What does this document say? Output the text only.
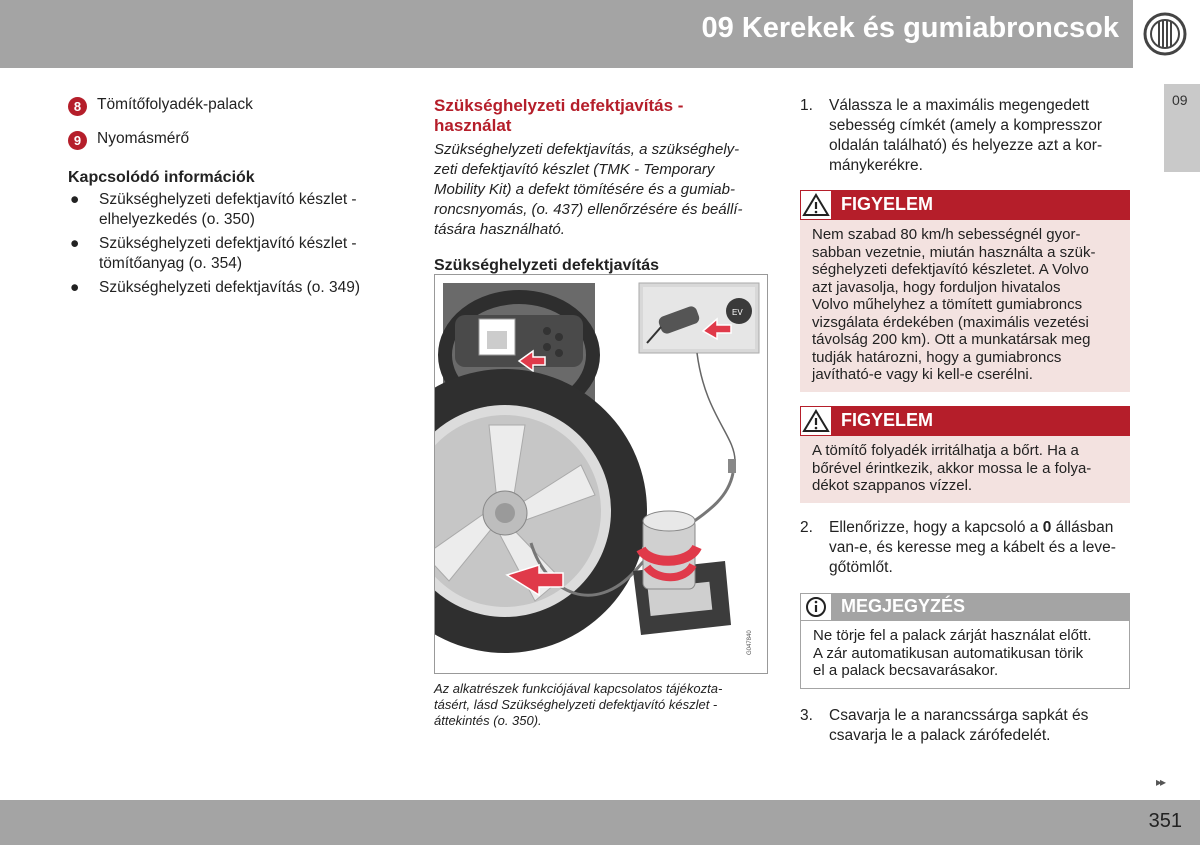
09 Kerekek és gumiabroncsok
09
8	Tömítőfolyadék-palack
9	Nyomásmérő
Kapcsolódó információk
●	Szükséghelyzeti defektjavító készlet -
elhelyezkedés (o. 350)
●	Szükséghelyzeti defektjavító készlet -
tömítőanyag (o. 354)
●	Szükséghelyzeti defektjavítás (o. 349)
Szükséghelyzeti defektjavítás -
használat
Szükséghelyzeti defektjavítás, a szükséghely-
zeti defektjavító készlet (TMK - Temporary
Mobility Kit) a defekt tömítésére és a gumiab-
roncsnyomás, (o. 437) ellenőrzésére és beállí-
tására használható.
Szükséghelyzeti defektjavítás
EV
G047840
Az alkatrészek funkciójával kapcsolatos tájékozta-
tásért, lásd Szükséghelyzeti defektjavító készlet -
áttekintés (o. 350).
1.	Válassza le a maximális megengedett
sebesség címkét (amely a kompresszor
oldalán található) és helyezze azt a kor-
mánykerékre.
FIGYELEM
Nem szabad 80 km/h sebességnél gyor-
sabban vezetnie, miután használta a szük-
séghelyzeti defektjavító készletet. A Volvo
azt javasolja, hogy forduljon hivatalos
Volvo műhelyhez a tömített gumiabroncs
vizsgálata érdekében (maximális vezetési
távolság 200 km). Ott a munkatársak meg
tudják határozni, hogy a gumiabroncs
javítható-e vagy ki kell-e cserélni.
FIGYELEM
A tömítő folyadék irritálhatja a bőrt. Ha a
bőrével érintkezik, akkor mossa le a folya-
dékot szappanos vízzel.
2.	Ellenőrizze, hogy a kapcsoló a 0 állásban
van-e, és keresse meg a kábelt és a leve-
gőtömlőt.
MEGJEGYZÉS
Ne törje fel a palack zárját használat előtt.
A zár automatikusan automatikusan törik
el a palack becsavarásakor.
3.	Csavarja le a narancssárga sapkát és
csavarja le a palack zárófedelét.
▸▸
351
